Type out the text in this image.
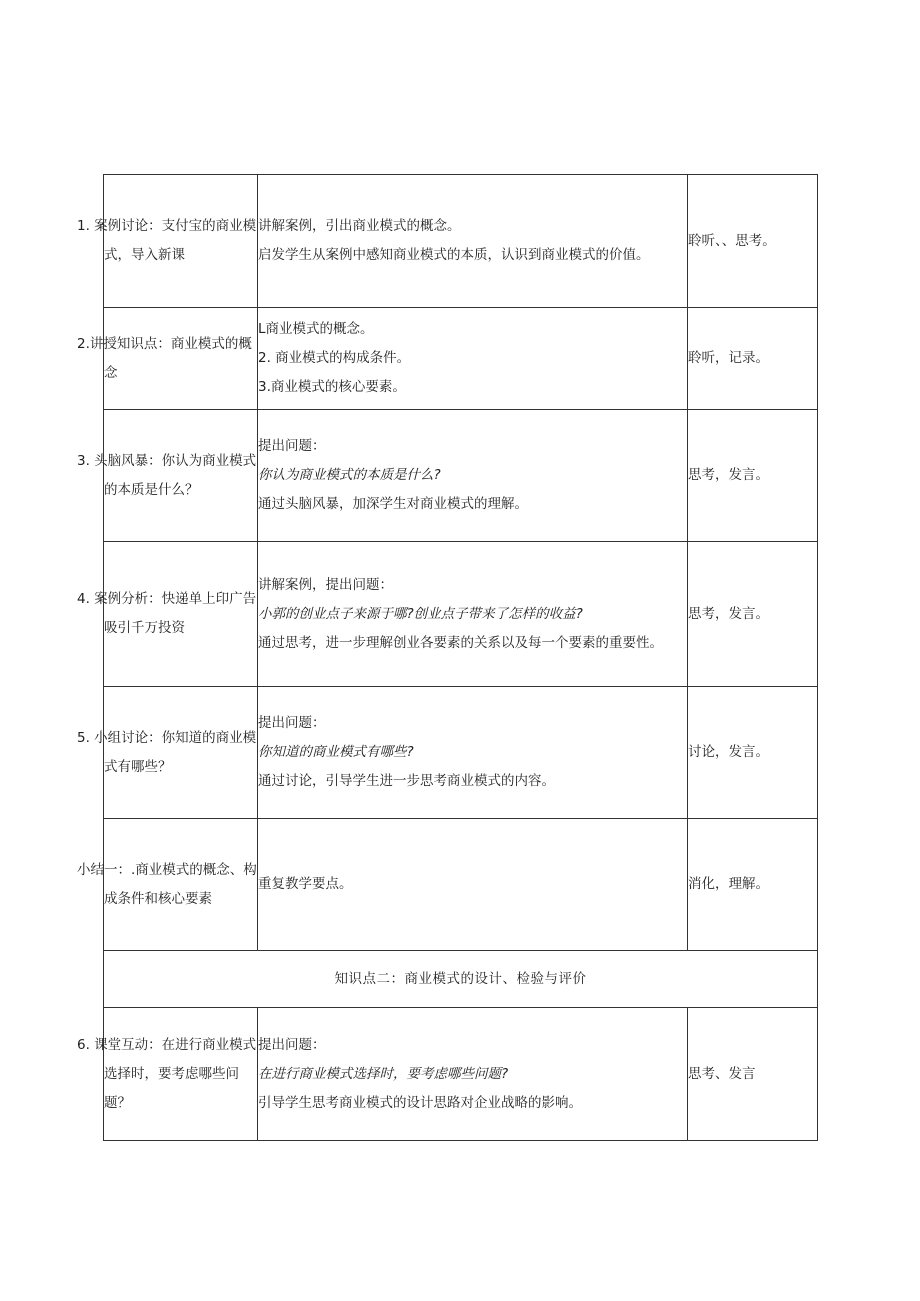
1. 案例讨论：支付宝的商业模式，导入新课	讲解案例，引出商业模式的概念。
启发学生从案例中感知商业模式的本质，认识到商业模式的价值。	聆听、、思考。
2.讲授知识点：商业模式的概念	L商业模式的概念。
2. 商业模式的构成条件。
3.商业模式的核心要素。	聆听，记录。
3. 头脑风暴：你认为商业模式的本质是什么？	提出问题：
你认为商业模式的本质是什么?
通过头脑风暴，加深学生对商业模式的理解。	思考，发言。
4. 案例分析：快递单上印广告吸引千万投资	讲解案例，提出问题：
小郭的创业点子来源于哪?创业点子带来了怎样的收益?
通过思考，进一步理解创业各要素的关系以及每一个要素的重要性。	思考，发言。
5. 小组讨论：你知道的商业模式有哪些？	提出问题：
你知道的商业模式有哪些?
通过讨论，引导学生进一步思考商业模式的内容。	讨论，发言。
小结一：.商业模式的概念、构成条件和核心要素	重复教学要点。	消化，理解。
知识点二：商业模式的设计、检验与评价		
6. 课堂互动：在进行商业模式选择时，要考虑哪些问题？	提出问题：
在进行商业模式选择时，要考虑哪些问题?
引导学生思考商业模式的设计思路对企业战略的影响。	思考、发言
